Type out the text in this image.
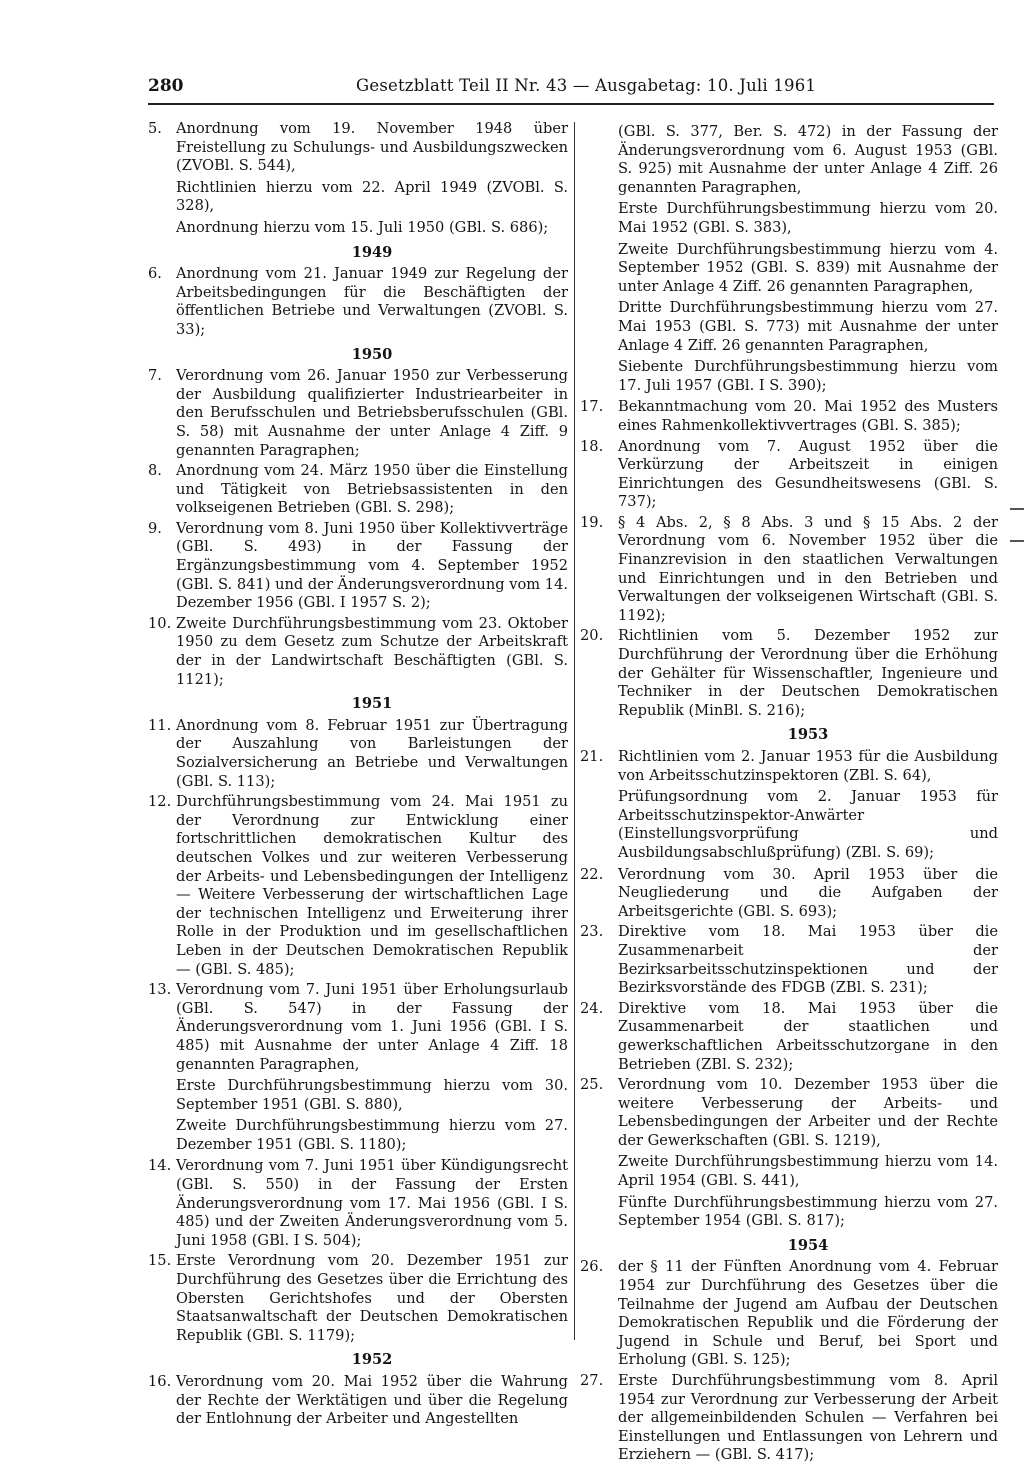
280	Gesetzblatt Teil II Nr. 43 — Ausgabetag: 10. Juli 1961
5. Anordnung vom 19. November 1948 über Freistellung zu Schulungs- und Ausbildungszwecken (ZVOBl. S. 544),
Richtlinien hierzu vom 22. April 1949 (ZVOBl. S. 328),
Anordnung hierzu vom 15. Juli 1950 (GBl. S. 686);
1949
6. Anordnung vom 21. Januar 1949 zur Regelung der Arbeitsbedingungen für die Beschäftigten der öffentlichen Betriebe und Verwaltungen (ZVOBl. S. 33);
1950
7. Verordnung vom 26. Januar 1950 zur Verbesserung der Ausbildung qualifizierter Industriearbeiter in den Berufsschulen und Betriebsberufsschulen (GBl. S. 58) mit Ausnahme der unter Anlage 4 Ziff. 9 genannten Paragraphen;
8. Anordnung vom 24. März 1950 über die Einstellung und Tätigkeit von Betriebsassistenten in den volkseigenen Betrieben (GBl. S. 298);
9. Verordnung vom 8. Juni 1950 über Kollektivverträge (GBl. S. 493) in der Fassung der Ergänzungsbestimmung vom 4. September 1952 (GBl. S. 841) und der Änderungsverordnung vom 14. Dezember 1956 (GBl. I 1957 S. 2);
10. Zweite Durchführungsbestimmung vom 23. Oktober 1950 zu dem Gesetz zum Schutze der Arbeitskraft der in der Landwirtschaft Beschäftigten (GBl. S. 1121);
1951
11. Anordnung vom 8. Februar 1951 zur Übertragung der Auszahlung von Barleistungen der Sozialversicherung an Betriebe und Verwaltungen (GBl. S. 113);
12. Durchführungsbestimmung vom 24. Mai 1951 zu der Verordnung zur Entwicklung einer fortschrittlichen demokratischen Kultur des deutschen Volkes und zur weiteren Verbesserung der Arbeits- und Lebensbedingungen der Intelligenz — Weitere Verbesserung der wirtschaftlichen Lage der technischen Intelligenz und Erweiterung ihrer Rolle in der Produktion und im gesellschaftlichen Leben in der Deutschen Demokratischen Republik — (GBl. S. 485);
13. Verordnung vom 7. Juni 1951 über Erholungsurlaub (GBl. S. 547) in der Fassung der Änderungsverordnung vom 1. Juni 1956 (GBl. I S. 485) mit Ausnahme der unter Anlage 4 Ziff. 18 genannten Paragraphen,
Erste Durchführungsbestimmung hierzu vom 30. September 1951 (GBl. S. 880),
Zweite Durchführungsbestimmung hierzu vom 27. Dezember 1951 (GBl. S. 1180);
14. Verordnung vom 7. Juni 1951 über Kündigungsrecht (GBl. S. 550) in der Fassung der Ersten Änderungsverordnung vom 17. Mai 1956 (GBl. I S. 485) und der Zweiten Änderungsverordnung vom 5. Juni 1958 (GBl. I S. 504);
15. Erste Verordnung vom 20. Dezember 1951 zur Durchführung des Gesetzes über die Errichtung des Obersten Gerichtshofes und der Obersten Staatsanwaltschaft der Deutschen Demokratischen Republik (GBl. S. 1179);
1952
16. Verordnung vom 20. Mai 1952 über die Wahrung der Rechte der Werktätigen und über die Regelung der Entlohnung der Arbeiter und Angestellten
(GBl. S. 377, Ber. S. 472) in der Fassung der Änderungsverordnung vom 6. August 1953 (GBl. S. 925) mit Ausnahme der unter Anlage 4 Ziff. 26 genannten Paragraphen,
Erste Durchführungsbestimmung hierzu vom 20. Mai 1952 (GBl. S. 383),
Zweite Durchführungsbestimmung hierzu vom 4. September 1952 (GBl. S. 839) mit Ausnahme der unter Anlage 4 Ziff. 26 genannten Paragraphen,
Dritte Durchführungsbestimmung hierzu vom 27. Mai 1953 (GBl. S. 773) mit Ausnahme der unter Anlage 4 Ziff. 26 genannten Paragraphen,
Siebente Durchführungsbestimmung hierzu vom 17. Juli 1957 (GBl. I S. 390);
17. Bekanntmachung vom 20. Mai 1952 des Musters eines Rahmenkollektivvertrages (GBl. S. 385);
18. Anordnung vom 7. August 1952 über die Verkürzung der Arbeitszeit in einigen Einrichtungen des Gesundheitswesens (GBl. S. 737);
19. § 4 Abs. 2, § 8 Abs. 3 und § 15 Abs. 2 der Verordnung vom 6. November 1952 über die Finanzrevision in den staatlichen Verwaltungen und Einrichtungen und in den Betrieben und Verwaltungen der volkseigenen Wirtschaft (GBl. S. 1192);
20. Richtlinien vom 5. Dezember 1952 zur Durchführung der Verordnung über die Erhöhung der Gehälter für Wissenschaftler, Ingenieure und Techniker in der Deutschen Demokratischen Republik (MinBl. S. 216);
1953
21. Richtlinien vom 2. Januar 1953 für die Ausbildung von Arbeitsschutzinspektoren (ZBl. S. 64),
Prüfungsordnung vom 2. Januar 1953 für Arbeitsschutzinspektor-Anwärter (Einstellungsvorprüfung und Ausbildungsabschlußprüfung) (ZBl. S. 69);
22. Verordnung vom 30. April 1953 über die Neugliederung und die Aufgaben der Arbeitsgerichte (GBl. S. 693);
23. Direktive vom 18. Mai 1953 über die Zusammenarbeit der Bezirksarbeitsschutzinspektionen und der Bezirksvorstände des FDGB (ZBl. S. 231);
24. Direktive vom 18. Mai 1953 über die Zusammenarbeit der staatlichen und gewerkschaftlichen Arbeitsschutzorgane in den Betrieben (ZBl. S. 232);
25. Verordnung vom 10. Dezember 1953 über die weitere Verbesserung der Arbeits- und Lebensbedingungen der Arbeiter und der Rechte der Gewerkschaften (GBl. S. 1219),
Zweite Durchführungsbestimmung hierzu vom 14. April 1954 (GBl. S. 441),
Fünfte Durchführungsbestimmung hierzu vom 27. September 1954 (GBl. S. 817);
1954
26. der § 11 der Fünften Anordnung vom 4. Februar 1954 zur Durchführung des Gesetzes über die Teilnahme der Jugend am Aufbau der Deutschen Demokratischen Republik und die Förderung der Jugend in Schule und Beruf, bei Sport und Erholung (GBl. S. 125);
27. Erste Durchführungsbestimmung vom 8. April 1954 zur Verordnung zur Verbesserung der Arbeit der allgemeinbildenden Schulen — Verfahren bei Einstellungen und Entlassungen von Lehrern und Erziehern — (GBl. S. 417);
